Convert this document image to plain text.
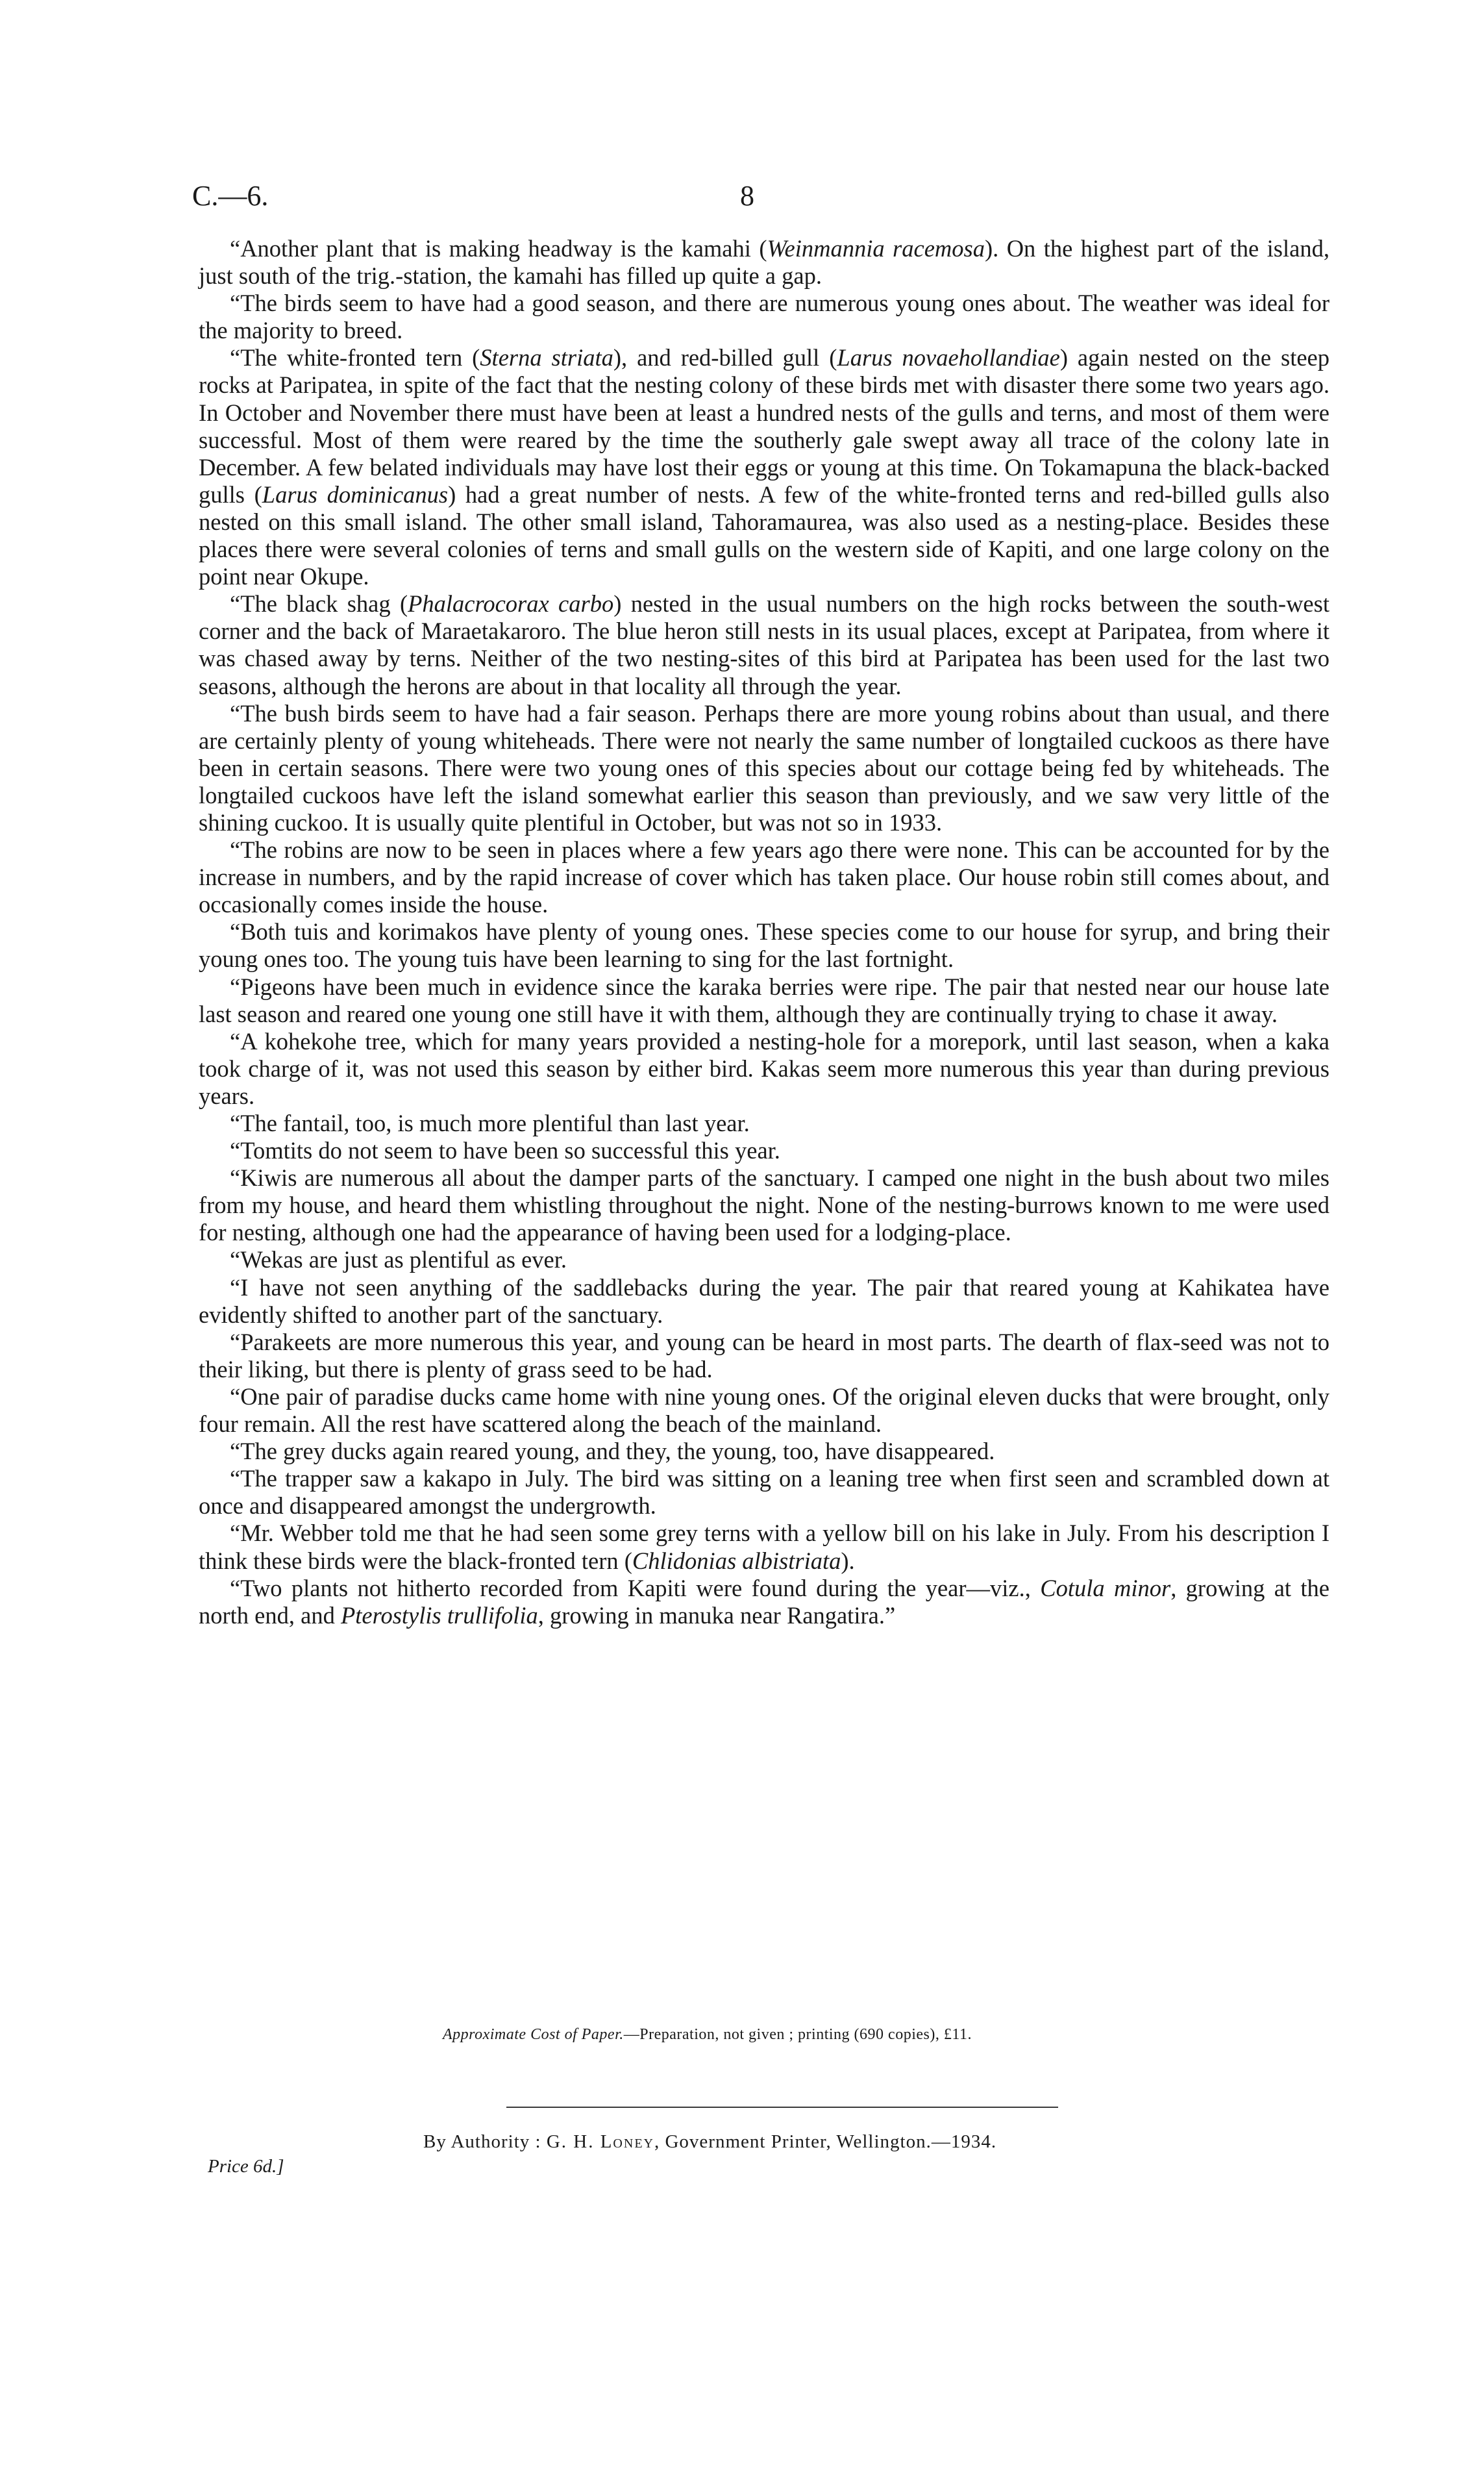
C.—6.	8

“Another plant that is making headway is the kamahi (Weinmannia racemosa). On the highest part of the island, just south of the trig.-station, the kamahi has filled up quite a gap.

“The birds seem to have had a good season, and there are numerous young ones about. The weather was ideal for the majority to breed.

“The white-fronted tern (Sterna striata), and red-billed gull (Larus novaehollandiae) again nested on the steep rocks at Paripatea, in spite of the fact that the nesting colony of these birds met with disaster there some two years ago. In October and November there must have been at least a hundred nests of the gulls and terns, and most of them were successful. Most of them were reared by the time the southerly gale swept away all trace of the colony late in December. A few belated individuals may have lost their eggs or young at this time. On Tokamapuna the black-backed gulls (Larus dominicanus) had a great number of nests. A few of the white-fronted terns and red-billed gulls also nested on this small island. The other small island, Tahoramaurea, was also used as a nesting-place. Besides these places there were several colonies of terns and small gulls on the western side of Kapiti, and one large colony on the point near Okupe.

“The black shag (Phalacrocorax carbo) nested in the usual numbers on the high rocks between the south-west corner and the back of Maraetakaroro. The blue heron still nests in its usual places, except at Paripatea, from where it was chased away by terns. Neither of the two nesting-sites of this bird at Paripatea has been used for the last two seasons, although the herons are about in that locality all through the year.

“The bush birds seem to have had a fair season. Perhaps there are more young robins about than usual, and there are certainly plenty of young whiteheads. There were not nearly the same number of longtailed cuckoos as there have been in certain seasons. There were two young ones of this species about our cottage being fed by whiteheads. The longtailed cuckoos have left the island somewhat earlier this season than previously, and we saw very little of the shining cuckoo. It is usually quite plentiful in October, but was not so in 1933.

“The robins are now to be seen in places where a few years ago there were none. This can be accounted for by the increase in numbers, and by the rapid increase of cover which has taken place. Our house robin still comes about, and occasionally comes inside the house.

“Both tuis and korimakos have plenty of young ones. These species come to our house for syrup, and bring their young ones too. The young tuis have been learning to sing for the last fortnight.

“Pigeons have been much in evidence since the karaka berries were ripe. The pair that nested near our house late last season and reared one young one still have it with them, although they are continually trying to chase it away.

“A kohekohe tree, which for many years provided a nesting-hole for a morepork, until last season, when a kaka took charge of it, was not used this season by either bird. Kakas seem more numerous this year than during previous years.

“The fantail, too, is much more plentiful than last year.

“Tomtits do not seem to have been so successful this year.

“Kiwis are numerous all about the damper parts of the sanctuary. I camped one night in the bush about two miles from my house, and heard them whistling throughout the night. None of the nesting-burrows known to me were used for nesting, although one had the appearance of having been used for a lodging-place.

“Wekas are just as plentiful as ever.

“I have not seen anything of the saddlebacks during the year. The pair that reared young at Kahikatea have evidently shifted to another part of the sanctuary.

“Parakeets are more numerous this year, and young can be heard in most parts. The dearth of flax-seed was not to their liking, but there is plenty of grass seed to be had.

“One pair of paradise ducks came home with nine young ones. Of the original eleven ducks that were brought, only four remain. All the rest have scattered along the beach of the mainland.

“The grey ducks again reared young, and they, the young, too, have disappeared.

“The trapper saw a kakapo in July. The bird was sitting on a leaning tree when first seen and scrambled down at once and disappeared amongst the undergrowth.

“Mr. Webber told me that he had seen some grey terns with a yellow bill on his lake in July. From his description I think these birds were the black-fronted tern (Chlidonias albistriata).

“Two plants not hitherto recorded from Kapiti were found during the year—viz., Cotula minor, growing at the north end, and Pterostylis trullifolia, growing in manuka near Rangatira.”

Approximate Cost of Paper.—Preparation, not given ; printing (690 copies), £11.
By Authority : G. H. Loney, Government Printer, Wellington.—1934.
Price 6d.]
